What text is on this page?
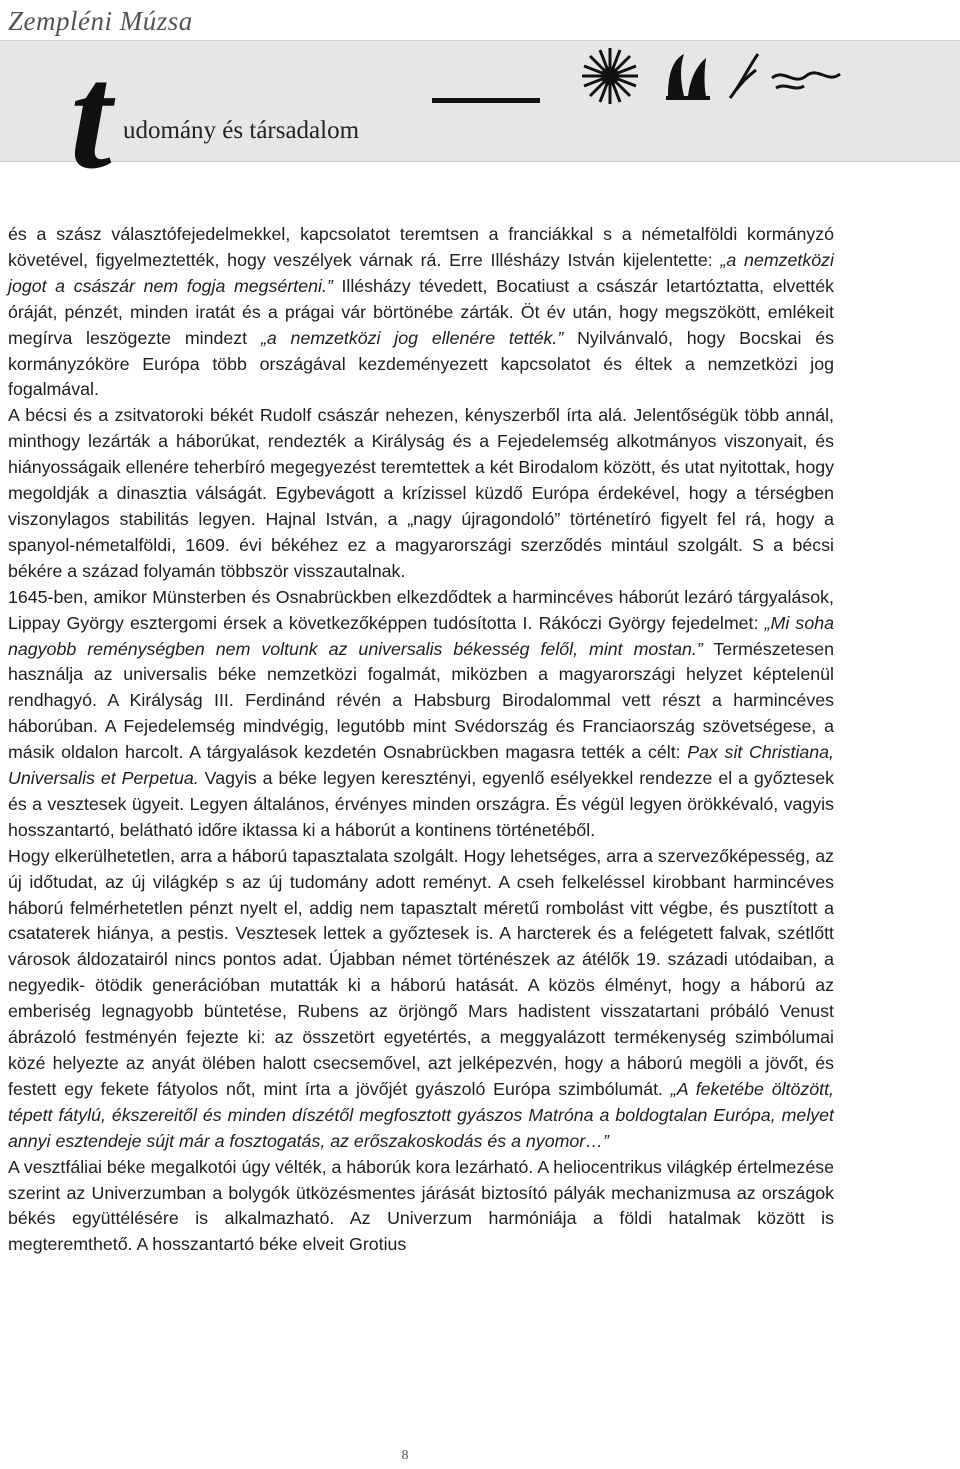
Zempléni Múzsa
t udomány és társadalom

és a szász választófejedelmekkel, kapcsolatot teremtsen a franciákkal s a németalföldi kormányzó követével, figyelmeztették, hogy veszélyek várnak rá. Erre Illésházy István kijelentette: „a nemzetközi jogot a császár nem fogja megsérteni.” Illésházy tévedett, Bocatiust a császár letartóztatta, elvették óráját, pénzét, minden iratát és a prágai vár börtönébe zárták. Öt év után, hogy megszökött, emlékeit megírva leszögezte mindezt „a nemzetközi jog ellenére tették.” Nyilvánvaló, hogy Bocskai és kormányzóköre Európa több országával kezdeményezett kapcsolatot és éltek a nemzetközi jog fogalmával.

A bécsi és a zsitvatoroki békét Rudolf császár nehezen, kényszerből írta alá. Jelentőségük több annál, minthogy lezárták a háborúkat, rendezték a Királyság és a Fejedelemség alkotmányos viszonyait, és hiányosságaik ellenére teherbíró megegyezést teremtettek a két Birodalom között, és utat nyitottak, hogy megoldják a dinasztia válságát. Egybevágott a krízissel küzdő Európa érdekével, hogy a térségben viszonylagos stabilitás legyen. Hajnal István, a „nagy újragondoló” történetíró figyelt fel rá, hogy a spanyol-németalföldi, 1609. évi békéhez ez a magyarországi szerződés mintául szolgált. S a bécsi békére a század folyamán többször visszautalnak.

1645-ben, amikor Münsterben és Osnabrückben elkezdődtek a harmincéves háborút lezáró tárgyalások, Lippay György esztergomi érsek a következőképpen tudósította I. Rákóczi György fejedelmet: „Mi soha nagyobb reménységben nem voltunk az universalis békesség felől, mint mostan.” Természetesen használja az universalis béke nemzetközi fogalmát, miközben a magyarországi helyzet képtelenül rendhagyó. A Királyság III. Ferdinánd révén a Habsburg Birodalommal vett részt a harmincéves háborúban. A Fejedelemség mindvégig, legutóbb mint Svédország és Franciaország szövetségese, a másik oldalon harcolt. A tárgyalások kezdetén Osnabrückben magasra tették a célt: Pax sit Christiana, Universalis et Perpetua. Vagyis a béke legyen keresztényi, egyenlő esélyekkel rendezze el a győztesek és a vesztesek ügyeit. Legyen általános, érvényes minden országra. És végül legyen örökkévaló, vagyis hosszantartó, belátható időre iktassa ki a háborút a kontinens történetéből.

Hogy elkerülhetetlen, arra a háború tapasztalata szolgált. Hogy lehetséges, arra a szervezőképesség, az új időtudat, az új világkép s az új tudomány adott reményt. A cseh felkeléssel kirobbant harmincéves háború felmérhetetlen pénzt nyelt el, addig nem tapasztalt méretű rombolást vitt végbe, és pusztított a csataterek hiánya, a pestis. Vesztesek lettek a győztesek is. A harcterek és a felégetett falvak, szétlőtt városok áldozatairól nincs pontos adat. Újabban német történészek az átélők 19. századi utódaiban, a negyedik- ötödik generációban mutatták ki a háború hatását. A közös élményt, hogy a háború az emberiség legnagyobb büntetése, Rubens az örjöngő Mars hadistent visszatartani próbáló Venust ábrázoló festményén fejezte ki: az összetört egyetértés, a meggyalázott termékenység szimbólumai közé helyezte az anyát ölében halott csecsemővel, azt jelképezvén, hogy a háború megöli a jövőt, és festett egy fekete fátyolos nőt, mint írta a jövőjét gyászoló Európa szimbólumát. „A feketébe öltözött, tépett fátylú, ékszereitől és minden díszétől megfosztott gyászos Matróna a boldogtalan Európa, melyet annyi esztendeje sújt már a fosztogatás, az erőszakoskodás és a nyomor…”

A vesztfáliai béke megalkotói úgy vélték, a háborúk kora lezárható. A heliocentrikus világkép értelmezése szerint az Univerzumban a bolygók ütközésmentes járását biztosító pályák mechanizmusa az országok békés együttélésére is alkalmazható. Az Univerzum harmóniája a földi hatalmak között is megteremthető. A hosszantartó béke elveit Grotius

8
